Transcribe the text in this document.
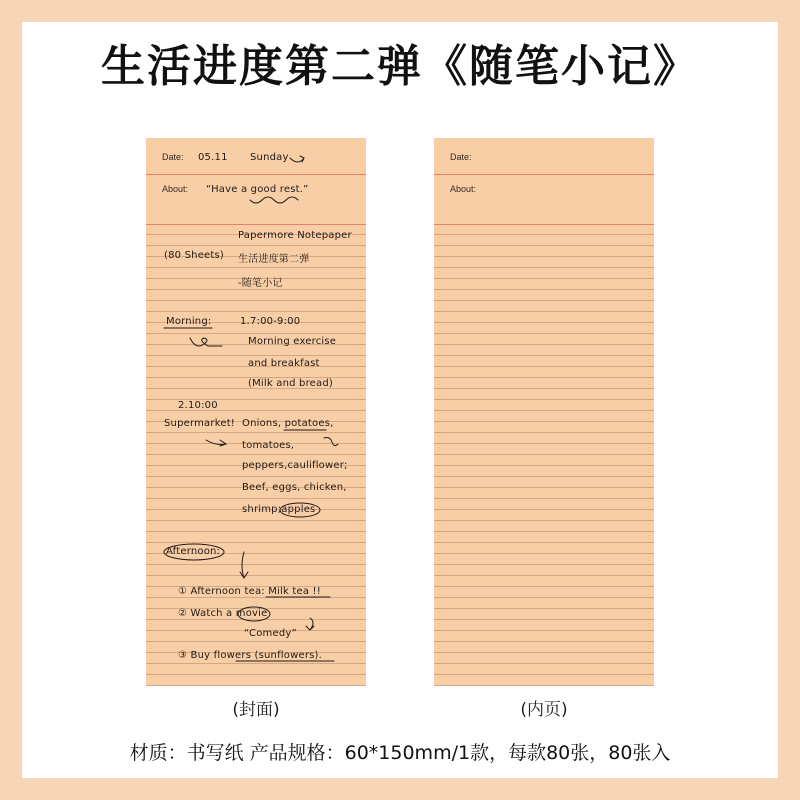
生活进度第二弹《随笔小记》
Date: 05.11 Sunday
About: “Have a good rest.”
Papermore Notepaper
(80 Sheets) 生活进度第二弹
-随笔小记
Morning:	1.7:00-9:00
Morning exercise
and breakfast
(Milk and bread)
2.10:00
Supermarket! Onions, potatoes,
tomatoes,
peppers,cauliflower;
Beef, eggs, chicken,
shrimp;apples
Afternoon:
① Afternoon tea: Milk tea !!
② Watch a movie
“Comedy”
③ Buy flowers (sunflowers).
Date:
About:
(封面)	(内页)
材质：书写纸 产品规格：60*150mm/1款，每款80张，80张入
